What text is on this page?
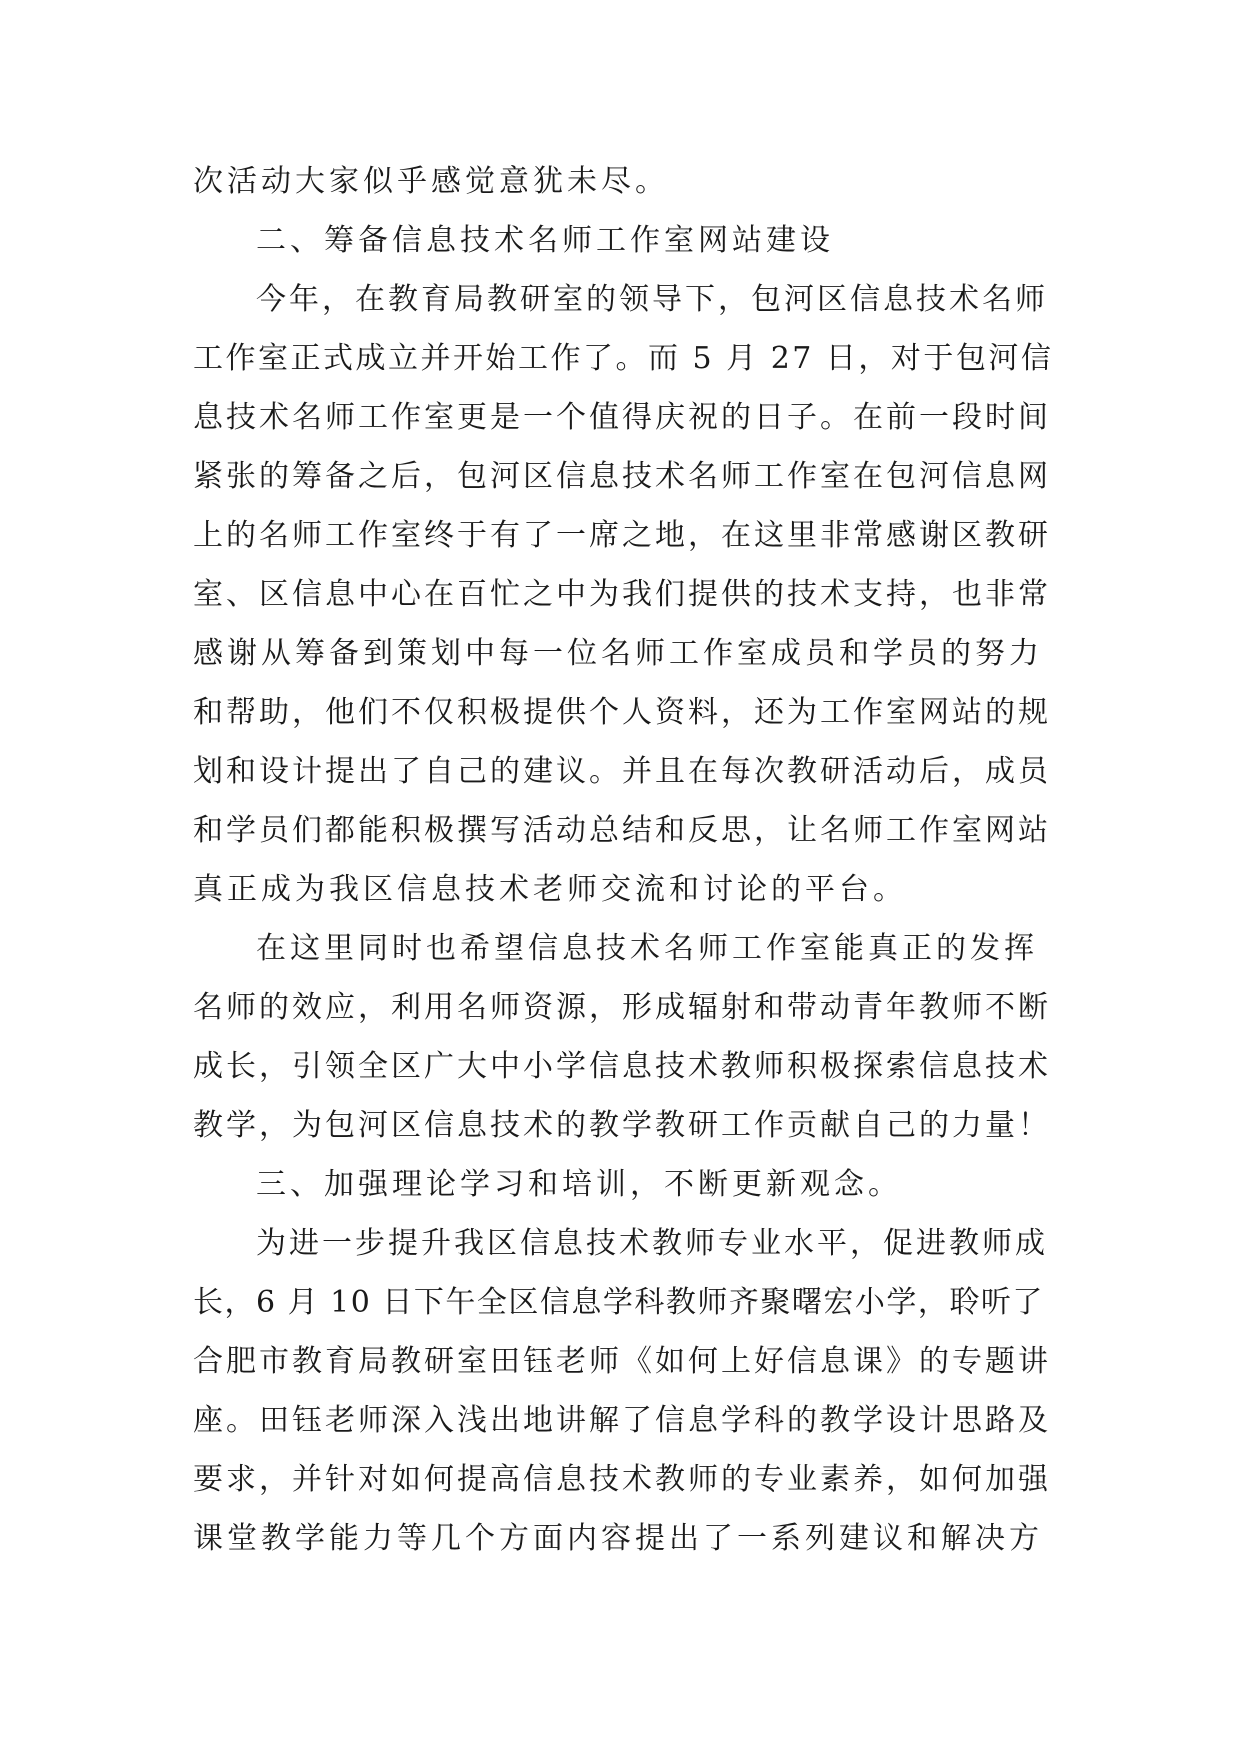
次活动大家似乎感觉意犹未尽。
二、筹备信息技术名师工作室网站建设
今年，在教育局教研室的领导下，包河区信息技术名师
工作室正式成立并开始工作了。而 5 月 27 日，对于包河信
息技术名师工作室更是一个值得庆祝的日子。在前一段时间
紧张的筹备之后，包河区信息技术名师工作室在包河信息网
上的名师工作室终于有了一席之地，在这里非常感谢区教研
室、区信息中心在百忙之中为我们提供的技术支持，也非常
感谢从筹备到策划中每一位名师工作室成员和学员的努力
和帮助，他们不仅积极提供个人资料，还为工作室网站的规
划和设计提出了自己的建议。并且在每次教研活动后，成员
和学员们都能积极撰写活动总结和反思，让名师工作室网站
真正成为我区信息技术老师交流和讨论的平台。
在这里同时也希望信息技术名师工作室能真正的发挥
名师的效应，利用名师资源，形成辐射和带动青年教师不断
成长，引领全区广大中小学信息技术教师积极探索信息技术
教学，为包河区信息技术的教学教研工作贡献自己的力量！
三、加强理论学习和培训，不断更新观念。
为进一步提升我区信息技术教师专业水平，促进教师成
长，6 月 10 日下午全区信息学科教师齐聚曙宏小学，聆听了
合肥市教育局教研室田钰老师《如何上好信息课》的专题讲
座。田钰老师深入浅出地讲解了信息学科的教学设计思路及
要求，并针对如何提高信息技术教师的专业素养，如何加强
课堂教学能力等几个方面内容提出了一系列建议和解决方
